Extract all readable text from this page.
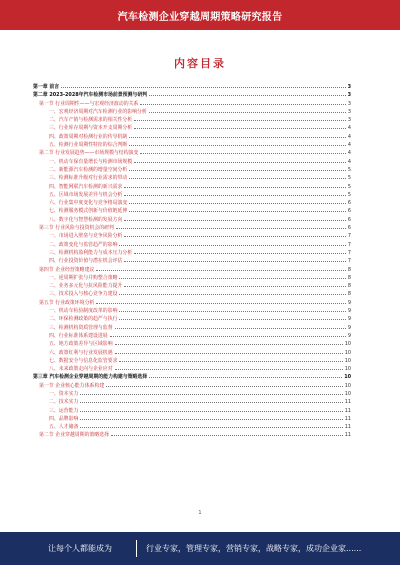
汽车检测企业穿越周期策略研究报告
内容目录
第一章 前言	3
第二章 2023-2028年汽车检测市场前景预测与研判	3
第一节 行业周期性——与宏观经济波动的关系	3
一、宏观经济周期对汽车检测行业的影响分析	3
二、汽车产销与检测需求的相关性分析	3
三、行业库存周期与资本开支周期分析	4
四、政策周期对检测行业的传导机制	4
五、检测行业周期性特征的综合判断	4
第二节 行业发展趋势——市场规模与结构演变	4
一、机动车保有量增长与检测市场规模	4
二、新能源汽车检测的增量空间分析	5
三、检测标准升级对行业需求的带动	5
四、智能网联汽车检测的新兴需求	5
五、区域市场发展差异与机会分析	5
六、行业集中度变化与竞争格局演变	6
七、检测服务模式创新与价值链延伸	6
八、数字化与智慧检测的发展方向	6
第三节 行业风险与投资机会的研判	6
一、市场进入壁垒与竞争风险分析	7
二、政策变化与监管趋严的影响	7
三、检测机构盈利能力与成本压力分析	7
四、行业投资价值与潜在机会评估	7
第四节 企业经营策略建议	8
一、逆周期扩张与并购整合策略	8
二、业务多元化与抗风险能力提升	8
三、技术投入与核心竞争力建设	8
第五节 行业政策环境分析	9
一、机动车检验制度改革的影响	9
二、环保检测政策的趋严与执行	9
三、检测机构资质管理与监督	9
四、行业标准体系建设进展	9
五、地方政策差异与区域影响	10
六、政策红利与行业发展机遇	10
七、数据安全与信息化监管要求	10
八、未来政策走向与企业应对	10
第三章 汽车检测企业穿越周期的能力构建与策略选择	10
第一节 企业核心能力体系构建	10
一、资本实力	10
二、技术实力	11
三、运营能力	11
四、品牌影响	11
五、人才储备	11
第二节 企业穿越周期的策略选择	11
1
让每个人都能成为	行业专家，管理专家，营销专家，战略专家，成功企业家......
